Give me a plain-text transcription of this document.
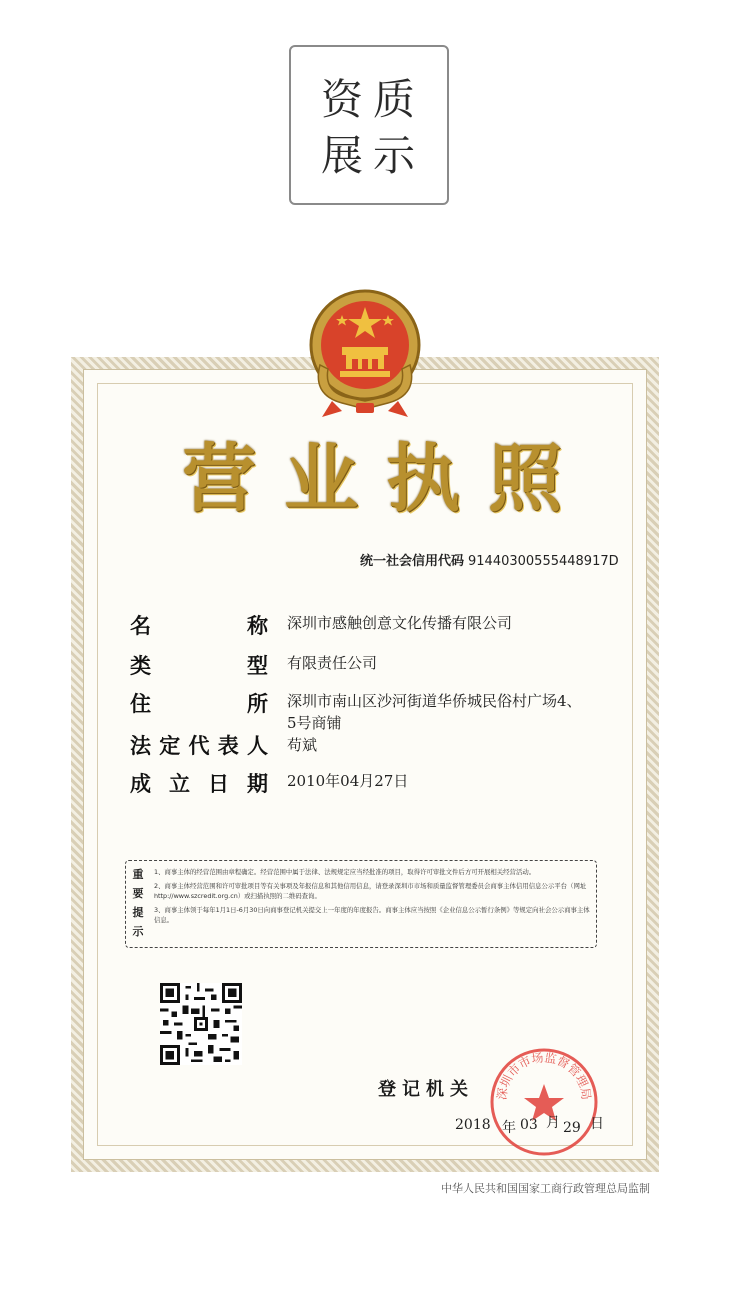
资 质
展 示
营 业 执 照
统一社会信用代码 91440300555448917D
名	称 深圳市感触创意文化传播有限公司
类	型 有限责任公司
住	所 深圳市南山区沙河街道华侨城民俗村广场4、5号商铺
法 定 代 表 人 苟斌
成 立 日 期 2010年04月27日
重
要
提
示

1、商事主体的经营范围由章程确定。经营范围中属于法律、法规规定应当经批准的项目，取得许可审批文件后方可开展相关经营活动。

2、商事主体经营范围和许可审批项目等有关事项及年报信息和其他信用信息，请登录深圳市市场和质量监督管理委员会商事主体信用信息公示平台（网址http://www.szcredit.org.cn）或扫描执照的二维码查询。

3、商事主体领于每年1月1日-6月30日向商事登记机关提交上一年度的年度报告。商事主体应当按照《企业信息公示暂行条例》等规定向社会公示商事主体信息。

登记机关 深圳市市场监督管理局
2018 年 03 月 29 日
中华人民共和国国家工商行政管理总局监制
